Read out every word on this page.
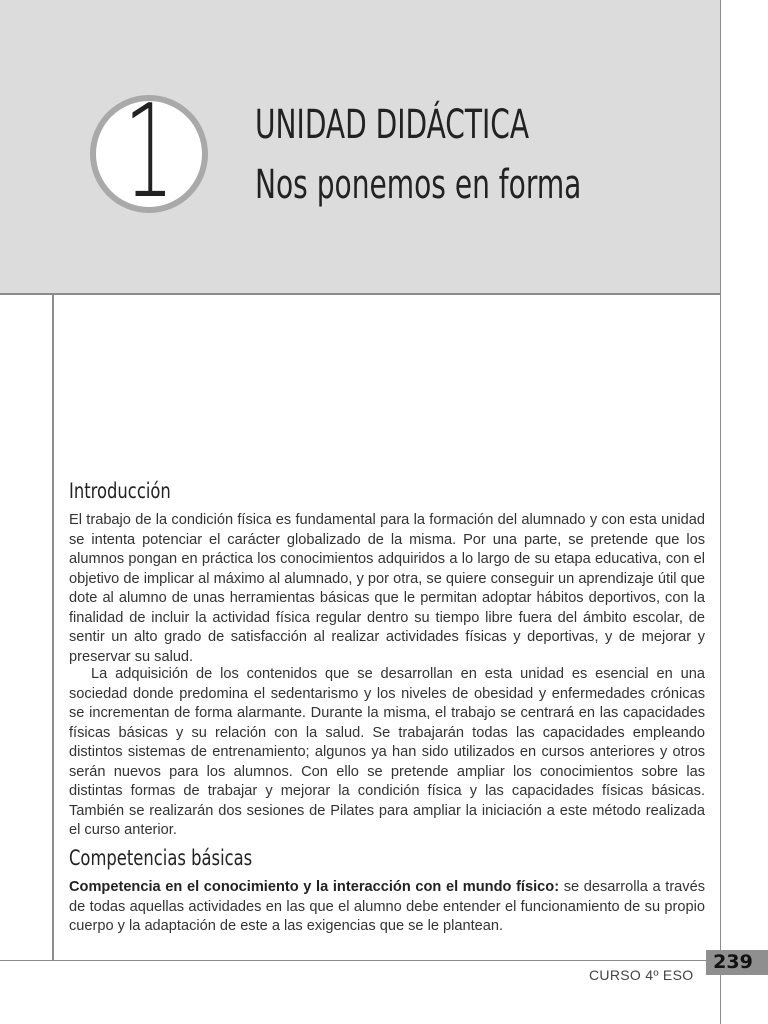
1 UNIDAD DIDÁCTICA
Nos ponemos en forma
Introducción

El trabajo de la condición física es fundamental para la formación del alumnado y con esta unidad se intenta potenciar el carácter globalizado de la misma. Por una parte, se pretende que los alumnos pongan en práctica los conocimientos adquiridos a lo largo de su etapa educativa, con el objetivo de implicar al máximo al alumnado, y por otra, se quiere conseguir un aprendizaje útil que dote al alumno de unas herramientas básicas que le permitan adoptar hábitos deportivos, con la finalidad de incluir la actividad física regular dentro su tiempo libre fuera del ámbito escolar, de sentir un alto grado de satisfacción al realizar actividades físicas y deportivas, y de mejorar y preservar su salud.

La adquisición de los contenidos que se desarrollan en esta unidad es esencial en una sociedad donde predomina el sedentarismo y los niveles de obesidad y enfermedades crónicas se incrementan de forma alarmante. Durante la misma, el trabajo se centrará en las capacidades físicas básicas y su relación con la salud. Se trabajarán todas las capacidades empleando distintos sistemas de entrenamiento; algunos ya han sido utilizados en cursos anteriores y otros serán nuevos para los alumnos. Con ello se pretende ampliar los conocimientos sobre las distintas formas de trabajar y mejorar la condición física y las capacidades físicas básicas. También se realizarán dos sesiones de Pilates para ampliar la iniciación a este método realizada el curso anterior.

Competencias básicas

Competencia en el conocimiento y la interacción con el mundo físico: se desarrolla a través de todas aquellas actividades en las que el alumno debe entender el funcionamiento de su propio cuerpo y la adaptación de este a las exigencias que se le plantean.

239
CURSO 4º ESO
